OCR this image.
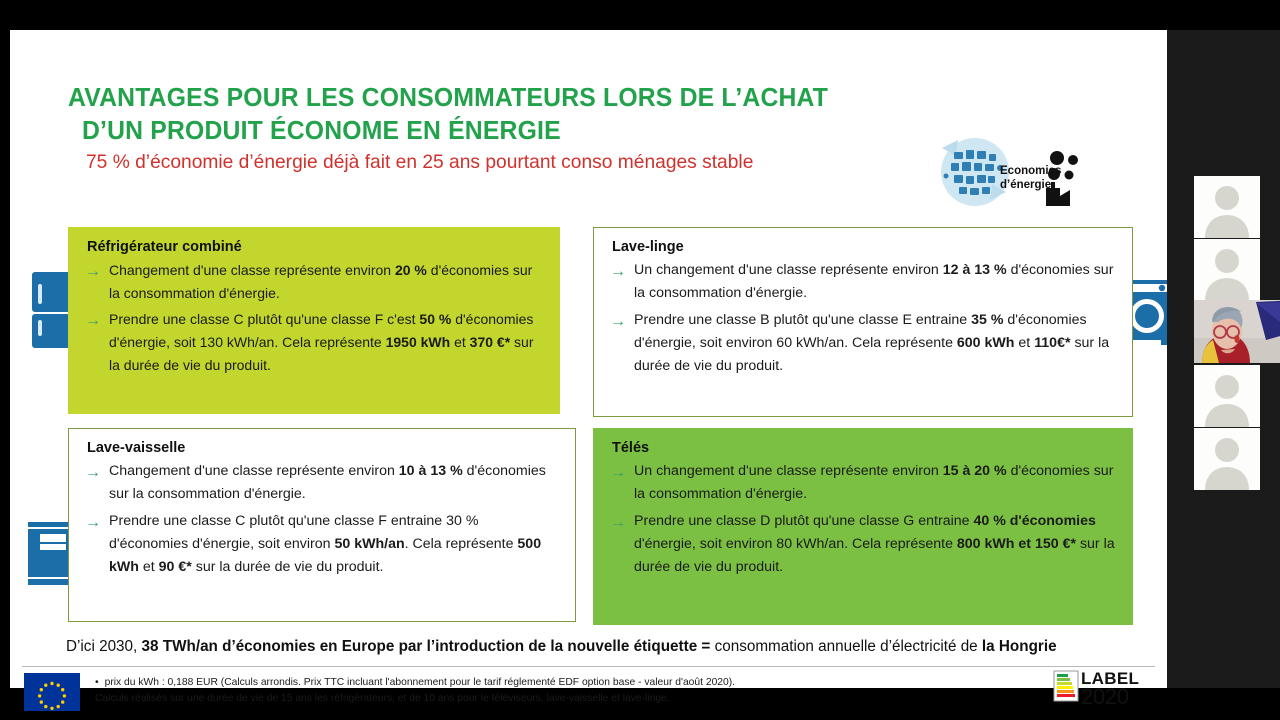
AVANTAGES POUR LES CONSOMMATEURS LORS DE L’ACHAT
D’UN PRODUIT ÉCONOME EN ÉNERGIE
75 % d’économie d’énergie déjà fait en 25 ans pourtant conso ménages stable	Economies
d’énergie
Réfrigérateur combiné
→ Changement d'une classe représente environ 20 % d'économies sur la consommation d'énergie.
→ Prendre une classe C plutôt qu'une classe F c'est 50 % d'économies d'énergie, soit 130 kWh/an. Cela représente 1950 kWh et 370 €* sur la durée de vie du produit.
Lave-linge
→ Un changement d'une classe représente environ 12 à 13 % d'économies sur la consommation d'énergie.
→ Prendre une classe B plutôt qu'une classe E entraine 35 % d'économies d'énergie, soit environ 60 kWh/an. Cela représente 600 kWh et 110€* sur la durée de vie du produit.
Lave-vaisselle
→ Changement d'une classe représente environ 10 à 13 % d'économies sur la consommation d'énergie.
→ Prendre une classe C plutôt qu'une classe F entraine 30 % d'économies d'énergie, soit environ 50 kWh/an. Cela représente 500 kWh et 90 €* sur la durée de vie du produit.
Télés
→ Un changement d'une classe représente environ 15 à 20 % d'économies sur la consommation d'énergie.
→ Prendre une classe D plutôt qu'une classe G entraine 40 % d'économies d'énergie, soit environ 80 kWh/an. Cela représente 800 kWh et 150 €* sur la durée de vie du produit.
D’ici 2030, 38 TWh/an d’économies en Europe par l’introduction de la nouvelle étiquette = consommation annuelle d’électricité de la Hongrie
• prix du kWh : 0,188 EUR (Calculs arrondis. Prix TTC incluant l'abonnement pour le tarif réglementé EDF option base - valeur d'août 2020).
Calculs réalisés sur une durée de vie de 15 ans les réfrigérateurs, et de 10 ans pour le téléviseurs, lave-vaisselle et lave-linge.
LABEL
2020
